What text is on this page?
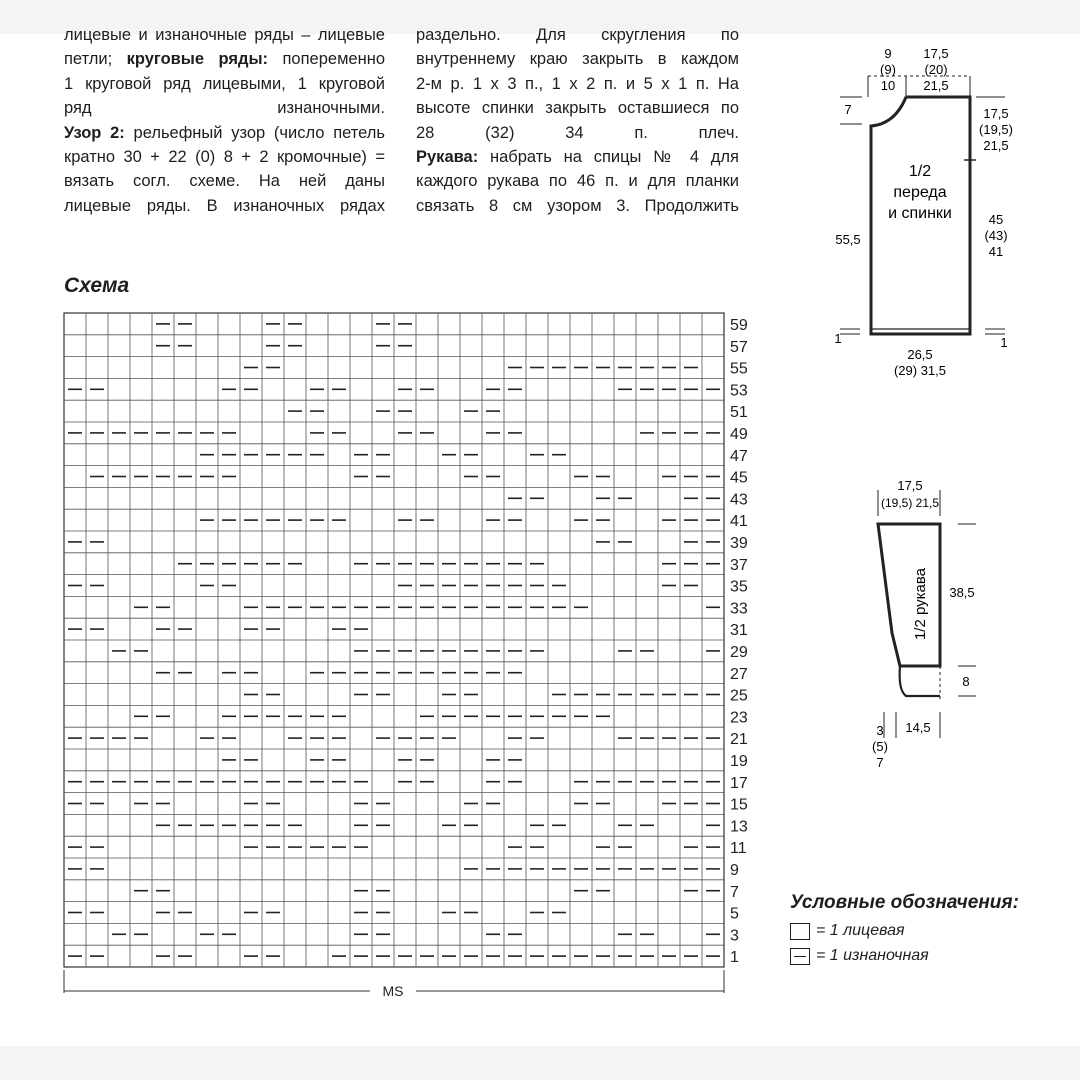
лицевые и изнаночные ряды – лицевые
петли; круговые ряды: попеременно
1 круговой ряд лицевыми, 1 круговой
ряд изнаночными.
Узор 2: рельефный узор (число петель
кратно 30 + 22 (0) 8 + 2 кромочные) =
вязать согл. схеме. На ней даны
лицевые ряды. В изнаночных рядах
раздельно. Для скругления по
внутреннему краю закрыть в каждом
2-м р. 1 х 3 п., 1 х 2 п. и 5 х 1 п. На
высоте спинки закрыть оставшиеся по
28 (32) 34 п. плеч.
Рукава: набрать на спицы № 4 для
каждого рукава по 46 п. и для планки
связать 8 см узором 3. Продолжить
Схема
59
57
55
53
51
49
47
45
43
41
39
37
35
33
31
29
27
25
23
21
19
17
15
13
11
9
7
5
3
1
MS
9
(9)
10
17,5
(20)
21,5
7	17,5
(19,5)
21,5
1/2
переда
и спинки
55,5
45
(43)
41
1	1
26,5
(29) 31,5
17,5
(19,5) 21,5
1/2 рукава 38,5
8
14,5
3
(5)
7
Условные обозначения:
= 1 лицевая
= 1 изнаночная
